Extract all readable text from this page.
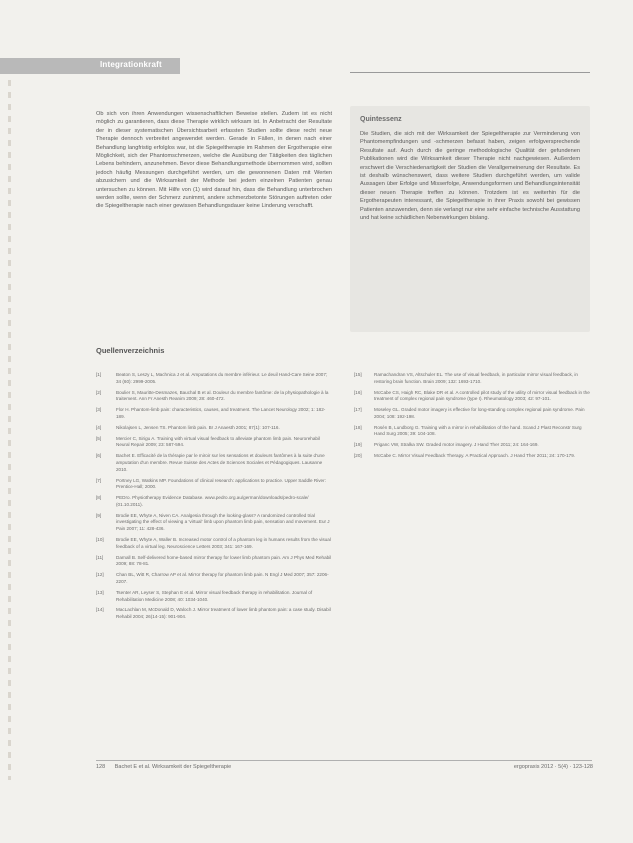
Integrationkraft
Ob sich von ihren Anwendungen wissenschaftlichen Beweise stellen. Zudem ist es nicht möglich zu garantieren, dass diese Therapie wirklich wirksam ist. In Anbetracht der Resultate der in dieser systematischen Übersichtsarbeit erfassten Studien sollte diese recht neue Therapie dennoch verbreitet angewendet werden. Gerade in Fällen, in denen nach einer Behandlung langfristig erfolglos war, ist die Spiegeltherapie im Rahmen der Ergotherapie eine Möglichkeit, sich der Phantomschmerzen, welche die Ausübung der Tätigkeiten des täglichen Lebens behindern, anzunehmen. Bevor diese Behandlungsmethode übernommen wird, sollten jedoch häufig Messungen durchgeführt werden, um die gewonnenen Daten mit Werten abzusichern und die Wirksamkeit der Methode bei jedem einzelnen Patienten genau untersuchen zu können. Mit Hilfe von (1) wird darauf hin, dass die Behandlung unterbrochen werden sollte, wenn der Schmerz zunimmt, andere schmerzbetonte Störungen auftreten oder die Spiegeltherapie nach einer gewissen Behandlungsdauer keine Linderung verschafft.
Quintessenz
Die Studien, die sich mit der Wirksamkeit der Spiegeltherapie zur Verminderung von Phantomempfindungen und -schmerzen befasst haben, zeigen erfolgversprechende Resultate auf. Auch durch die geringe methodologische Qualität der gefundenen Publikationen wird die Wirksamkeit dieser Therapie nicht nachgewiesen. Außerdem erschwert die Verschiedenartigkeit der Studien die Verallgemeinerung der Resultate. Es ist deshalb wünschenswert, dass weitere Studien durchgeführt werden, um valide Aussagen über Erfolge und Misserfolge, Anwendungsformen und Behandlungsintensität dieser neuen Therapie treffen zu können. Trotzdem ist es weiterhin für die Ergotherapeuten interessant, die Spiegeltherapie in ihrer Praxis sowohl bei gewissen Patienten anzuwenden, denn sie verlangt nur eine sehr einfache technische Ausstattung und hat keine schädlichen Nebenwirkungen bislang.
Quellenverzeichnis
[1]	Beaton S, Leszy L, Machnica J et al. Amputations du membre inférieur. Le deuil Hand-Care Seine 2007; 34 (60): 2999-2005.
[2]	Boulier S, Mauritte-Desmazes, Bauchal B et al. Douleur du membre fantôme: de la physiopathologie à la traitement. Ann Fr Anesth Reanim 2009; 28: 460-472.
[3]	Flor H. Phantom-limb pain: characteristics, causes, and treatment. The Lancet Neurology 2002; 1: 182-189.
[4]	Nikolajsen L, Jensen TS. Phantom limb pain. Br J Anaesth 2001; 87(1): 107-116.
[5]	Mercier C, Sirigu A. Training with virtual visual feedback to alleviate phantom limb pain. Neurorehabil Neural Repair 2009; 23: 587-594.
[6]	Bachet E. Efficacité de la thérapie par le miroir sur les sensations et douleurs fantômes à la suite d'une amputation d'un membre. Revue Suisse des Actes de Sciences Sociales et Pédagogiques. Lausanne 2010.
[7]	Portney LG, Watkins MP. Foundations of clinical research: applications to practice. Upper Saddle River: Prentice-Hall; 2000.
[8]	PEDro. Physiotherapy Evidence Database. www.pedro.org.au/german/downloads/pedro-scale/ (01.10.2011).
[9]	Brodie EE, Whyte A, Niven CA. Analgesia through the looking-glass? A randomized controlled trial investigating the effect of viewing a 'virtual' limb upon phantom limb pain, sensation and movement. Eur J Pain 2007; 11: 428-436.
[10]	Brodie EE, Whyte A, Waller B. Increased motor control of a phantom leg in humans results from the visual feedback of a virtual leg. Neuroscience Letters 2003; 341: 167-169.
[11]	Darnall B. Self-delivered home-based mirror therapy for lower limb phantom pain. Am J Phys Med Rehabil 2009; 88: 78-81.
[12]	Chan BL, Witt R, Charrow AP et al. Mirror therapy for phantom limb pain. N Engl J Med 2007; 357: 2206-2207.
[13]	Tsenter AR, Leyser S, Stephan E et al. Mirror visual feedback therapy in rehabilitation. Journal of Rehabilitation Medicine 2008; 40: 1034-1040.
[14]	MacLachlan M, McDonald D, Waloch J. Mirror treatment of lower limb phantom pain: a case study. Disabil Rehabil 2004; 26(14-15): 901-904.
[15]	Ramachandran VS, Altschuler EL. The use of visual feedback, in particular mirror visual feedback, in restoring brain function. Brain 2009; 132: 1693-1710.
[16]	McCabe CS, Haigh RC, Blake DR et al. A controlled pilot study of the utility of mirror visual feedback in the treatment of complex regional pain syndrome (type I). Rheumatology 2003; 42: 97-101.
[17]	Moseley GL. Graded motor imagery is effective for long-standing complex regional pain syndrome. Pain 2004; 108: 192-198.
[18]	Rosén B, Lundborg G. Training with a mirror in rehabilitation of the hand. Scand J Plast Reconstr Surg Hand Surg 2005; 39: 104-108.
[19]	Priganc VW, Stralka SW. Graded motor imagery. J Hand Ther 2011; 24: 164-169.
[20]	McCabe C. Mirror Visual Feedback Therapy. A Practical Approach. J Hand Ther 2011; 24: 170-179.
128 Bachet E et al. Wirksamkeit der Spiegeltherapie	ergopraxis 2012 · 5(4) · 123-128
